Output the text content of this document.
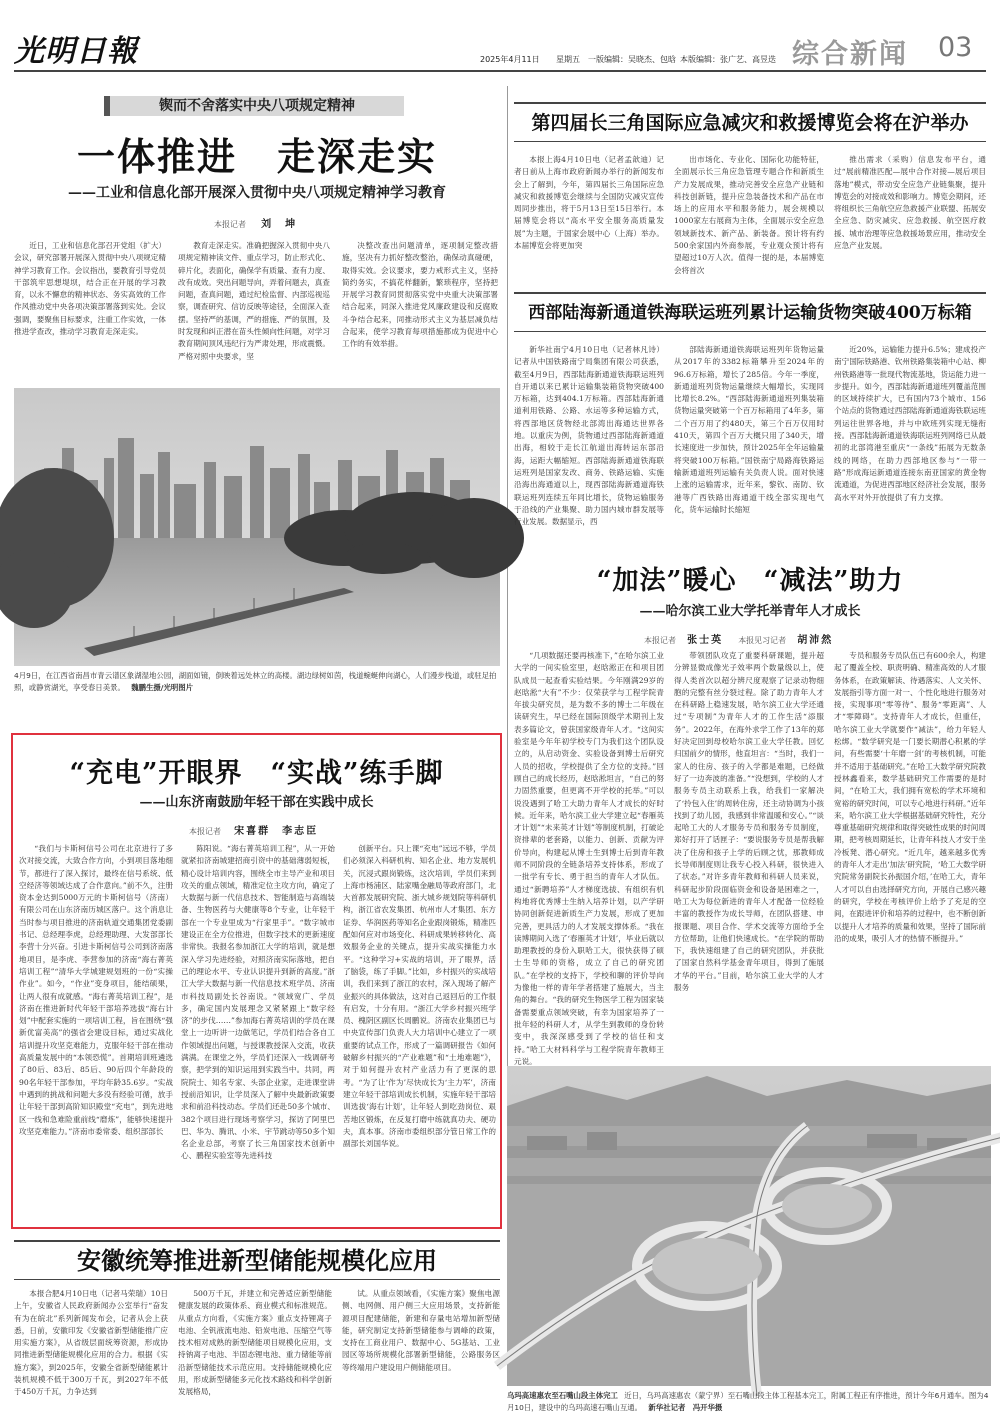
光明日報	2025年4月11日 星期五 一版编辑：吴晓杰、包晗 本版编辑：张广艺、高昱迭 综合新闻 03
锲而不舍落实中央八项规定精神
一体推进　走深走实
——工业和信息化部开展深入贯彻中央八项规定精神学习教育
本报记者 刘　坤

近日，工业和信息化部召开党组（扩大）会议，研究部署开展深入贯彻中央八项规定精神学习教育工作。会议指出，要教育引导党员干部筑牢思想堤坝，结合正在开展的学习教育，以永不懈怠的精神状态、务实高效的工作作风推动党中央各项决策部署落到实处。会议强调，要聚焦目标要求，注重工作实效，一体推进学查改，推动学习教育走深走实。

教育走深走实。准确把握深入贯彻中央八项规定精神读文件、重点学习，防止形式化、碎片化，表面化，确保学有质量、查有力度、改有成效。突出问题导向，弄着问题去，真查问题，查真问题，通过纪检监督、内部巡视巡察，调查研究、信访反映等途径，全面深入查摆。坚持严的基调，严的措施、严的氛围，及时发现和纠正潜在苗头性倾向性问题，对学习教育期间顶风违纪行为严肃处理，形成震慑。严格对照中央要求，坚

决整改查出问题清单，逐项制定整改措施，坚决有力抓好整改整治，确保动真碰硬，取得实效。会议要求，要力戒形式主义，坚持简约务实，不搞花样翻新，繁琐程序，坚持把开展学习教育同贯彻落实党中央重大决策部署结合起来，同深入推进党风廉政建设和反腐败斗争结合起来，同推动形式主义为基层减负结合起来，使学习教育每项措施都成为促进中心工作的有效举措。

4月9日，在江西省南昌市青云谱区象湖湿地公园，湖面如镜，倒映着远处林立的高楼。湖边绿树如茵，栈道蜿蜒伸向湖心，人们漫步栈道，或驻足拍照，或静赏湖光，享受春日美景。 魏鹏生摄/光明图片
“充电”开眼界　“实战”练手脚
——山东济南鼓励年轻干部在实践中成长
本报记者 宋喜群　李志臣

“我们与卡斯柯信号公司在北京进行了多次对接交流，大致合作方向，小到项目落地细节，都进行了深入探讨，最终在信号系统、低空经济等领域达成了合作意向。”前不久，注册资本金达到5000万元的卡斯柯信号（济南）有限公司在山东济南历城区落户。这个消息让当时参与项目推进的济南轨道交通集团党委副书记、总经理李虎，总经理助理、大发部部长李营十分兴奋。引进卡斯柯信号公司到济南落地项目，是李虎、李营参加的济南“海右菁英培训工程”“清华大学城建规划班的一份“实操作业”。如今，“作业”变身项目，能结硕果，让两人很有成就感。“海右菁英培训工程”，是济南在推进新时代年轻干部培养选拔“海右计划”中配套实施的一项培训工程，旨在围绕“强新优富美高”的强省会建设目标，通过实战化培训提升攻坚克难能力，克服年轻干部在推动高质量发展中的“本领恐慌”。首期培训班遴选了80后、83后、85后、90后四个年龄段的90名年轻干部参加，平均年龄35.6岁。“实战中遇到的挑战和问题大多没有经验可循，放手让年轻干部到高阶知识殿堂“充电”，到先进地区一线和急难险重前线“磨炼”，能够快速提升攻坚克难能力。”济南市委常委、组织部部长

陈阳说。“海右菁英培训工程”，从一开始就紧扣济南城建招商引资中的基础薄弱短板，精心设计培训内容，围绕全市主导产业和项目攻关的重点领域，精准定位主攻方向，确定了大数据与新一代信息技术、智能制造与高端装备、生物医药与大健康等8个专业，让年轻干部在一个专业里成为“行家里手”。“数字城市建设正在全方位推进，但数字技术的更新速度非常快。我报名参加浙江大学的培训，就是想深入学习先进经验，对照济南实际落地，把自己的理论水平、专业认识提升到新的高度。”浙江大学大数据与新一代信息技术班学员、济南市科技局副处长谷南说。“领域宽广、学员多，确定国内发展理念又紧紧跟上“数字经济”的步伐……”参加海右菁英培训的学员在课堂上一边听讲一边做笔记，学员们结合各自工作领域提出问题，与授课教授深入交流，收获满满。在课堂之外，学员们还深入一线调研考察，把学到的知识运用到实践当中。共同，两院院士、知名专家、头部企业家，走进课堂讲授前沿知识，让学员深入了解中央最新政策要求和前沿科技动态。学员们还赴50多个城市、382个项目进行现场考察学习，探访了阿里巴巴、华为、腾讯、小米、宇节跳动等50多个知名企业总部，考察了长三角国家技术创新中心、鹏程实验室等先进科技

创新平台。只上课“充电”远远不够，学员们必须深入科研机构、知名企业、地方发展机关，沉浸式跟岗锻炼，这次培训，学员们来到上海市杨浦区、陆家嘴金融局等政府部门，北大首都发展研究院、浙大城乡规划院等科研机构，浙江省农发集团、杭州市人才集团、东方证券、华润医药等知名企业跟岗锻炼，精准匹配如何应对市场变化、科研成果转移转化、高效服务企业的关键点，提升实战实操能力水平。“这种学习+实战的培训，开了眼界，活了脑袋，练了手脚。”比如，乡村振兴的实战培训，我们来到了浙江的农村，深入现场了解产业振兴的具体做法，这对自己返回后的工作很有启发，十分有用。“浙江大学乡村振兴班学员、槐阴区副区长周鹏说。济南农业集团已与中央宣传部门负责人大力培训中心建立了一项重要的试点工作，形成了一篇调研报告《如何破解乡村振兴的“产业难题”和“土地难题”》，对于如何提升农村产业活力有了更深的思考。“为了让‘作为’尽快成长为‘主力军’，济南建立年轻干部培训成长机制，实施年轻干部培训选拔‘海右计划’，让年轻人到吃劲岗位、艰苦地区锻炼，在反复打磨中练就真功夫、硬功夫，真本事。济南市委组织部分管日常工作的副部长刘国华说。

安徽统筹推进新型储能规模化应用

本报合肥4月10日电（记者马荣瑞）10日上午，安徽省人民政府新闻办公室举行“奋发有为在皖北”系列新闻发布会，记者从会上获悉，日前，安徽印发《安徽省新型储能推广应用实施方案》，从省级层面统筹资源，形成协同推进新型储能规模化应用的合力。根据《实施方案》，到2025年，安徽全省新型储能累计装机规模不低于300万千瓦，到2027年不低于450万千瓦，力争达到

500万千瓦，并建立和完善适应新型储能健康发展的政策体系、商业模式和标准规范。从重点方向看，《实施方案》重点支持锂离子电池、全钒液流电池、铅炭电池、压缩空气等技术相对成熟的新型储能项目规模化应用，支持钠离子电池、半固态锂电池、重力储能等前沿新型储能技术示范应用。支持储能规模化应用，形成新型储能多元化技术路线和科学创新发展格局，

试。从重点领域看，《实施方案》聚焦电源侧、电网侧、用户侧三大应用场景，支持新能源项目配建储能，新建和存量电站增加新型储能，研究制定支持新型储能参与调峰的政策，支持在工商业用户、数据中心、5G基站、工业园区等场所规模化部署新型储能，公路服务区等终端用户建设用户侧储能项目。

第四届长三角国际应急减灾和救援博览会将在沪举办

本报上海4月10日电（记者孟歆迪）记者日前从上海市政府新闻办举行的新闻发布会上了解到，今年，第四届长三角国际应急减灾和救援博览会继续与全国防灾减灾宣传周同步推出，将于5月13日至15日举行。本届博览会将以“高水平安全服务高质量发展”为主题，于国家会展中心（上海）举办。本届博览会将更加突

出市场化、专业化、国际化功能特征，全面展示长三角应急管理专题合作和新质生产力发展成果，推动完善安全应急产业链和科技创新链，提升应急装备技术和产品在市场上的应用水平和服务能力，展会规模以1000家左右展商为主体，全面展示安全应急领域新技术、新产品、新装备。预计将有约500余家国内外商参展，专业观众预计将有望超过10万人次。值得一提的是，本届博览会将首次

推出需求（采购）信息发布平台，通过“展前精准匹配—展中合作对接—展后项目落地”模式，带动安全应急产业链集聚，提升博览会的对接成效和影响力。博览会期间，还将组织长三角航空应急救援产业联盟、拓展安全应急、防灾减灾、应急救援、航空医疗救援、城市治理等应急救援场景应用，推动安全应急产业发展。

西部陆海新通道铁海联运班列累计运输货物突破400万标箱

新华社南宁4月10日电（记者林凡诗）记者从中国铁路南宁局集团有限公司获悉，截至4月9日，西部陆海新通道铁海联运班列自开通以来已累计运输集装箱货物突破400万标箱，达到404.1万标箱。西部陆海新通道利用铁路、公路、水运等多种运输方式，将西部地区货物经北部湾出海通达世界各地。以重庆为例，货物通过西部陆海新通道出海，相较于走长江航道出海转运东部沿海，运距大幅缩短。西部陆海新通道铁海联运班列是国家发改、商务、铁路运输、实施沿海出海通道以上，现西部陆海新通道海铁联运班列连续五年同比增长，货物运输服务于沿线的产业集聚、助力国内城市群发展等行业发展。数据显示，西

部陆海新通道铁海联运班列年货物运量从2017年的3382标箱攀升至2024年的96.6万标箱，增长了285倍。今年一季度，新通道班列货物运量继续大幅增长，实现同比增长8.2%。“西部陆海新通道班列集装箱货物运量突破第一个百万标箱用了4年多，第二个百万用了约480天，第三个百万仅用时410天，第四个百万大概只用了340天，增长速度进一步加快，预计2025年全年运输量将突破100万标箱。”国铁南宁局路海铁路运输新通道班列运输有关负责人说。面对快速上涨的运输需求，近年来，黎钦、南防、钦港等广西铁路出海通道干线全部实现电气化，货车运输时长缩短

近20%，运输能力提升6.5%；建成投产南宁国际铁路港、钦州铁路集装箱中心站、柳州铁路港等一批现代物流基地，货运能力进一步提升。如今，西部陆海新通道班列覆盖范围的区域持续扩大，已有国内73个城市、156个站点的货物通过西部陆海新通道海铁联运班列运往世界各地，并与中欧班列实现无缝衔接。西部陆海新通道铁海联运班列网络已从最初的北部湾港至重庆“一条线”拓展为无数条线的网络，在助力西部地区参与“一带一路”形成海运新通道连接东南亚国家的黄金物流通道，为促进西部地区经济社会发展，服务高水平对外开放提供了有力支撑。

“加法”暖心　“减法”助力
——哈尔滨工业大学托举青年人才成长
本报记者 张士英 本报见习记者 胡沛然

“几项数据还要再核准下，”在哈尔滨工业大学的一间实验室里，赵晗淞正在和项目团队成员一起查看实验结果。今年刚满29岁的赵晗淞“大有”不少：仅荣获学与工程学院青年拔尖研究员，是为数不多的博士二年级在读研究生，早已经在国际顶级学术期刊上发表多篇论文，曾获国家级青年人才。“这间实验室是今年年初学校专门为我们这个团队设立的，从启动资金、实验设备到博士后研究人员的招收，学校提供了全方位的支持。”回顾自己的成长经历，赵晗淞坦言，“自己的努力固然重要，但更离不开学校的托举。”可以说没遇到了哈工大助力青年人才成长的好时候。近年来，哈尔滨工业大学建立起“春雁英才计划”“未来英才计划”等制度机制，打破论资排辈的老套路，以能力、创新、贡献为评价导向，构建起从博士生到博士后到青年教师不同阶段的全链条培养支持体系，形成了一批学有专长、勇于担当的青年人才队伍。通过“新聘培养”人才梯度选拔、有组织有机构地将优秀博士生纳入培养计划，以产学研协同创新促进新质生产力发展，形成了更加完善，更具活力的人才发展支撑体系。“我在读博期间入选了‘春雁英才计划’，毕业后就以助理教授的身份入职哈工大，很快获得了硕士生导师的资格，成立了自己的研究团队。”在学校的支持下，学校和聊的评价导向为像他一样的青年学者搭建了施展大，当主角的舞台。“我的研究生物医学工程为国家装备需要重点领域突破，有幸为国家培养了一批年轻的科研人才，从学生到教师的身份转变中，我深深感受到了学校的信任和支持。”哈工大材料科学与工程学院青年教师王元说。

带领团队攻克了重要科研课题，提升超分辨显微成像光子效率两个数量级以上，使得人类首次以超分辨尺度观察了记录动物细胞的完整有丝分裂过程。除了助力青年人才在科研路上稳速发展，哈尔滨工业大学还通过“专项制”为青年人才的工作生活“添服务”。2022年，在海外求学工作了13年的郑好决定回到母校哈尔滨工业大学任教。回忆归国前夕的情形，他直坦言：“当时，我们一家人的住房、孩子的入学都是难题，已经做好了一边奔波的准备。”“没想到，学校的人才服务专员主动联系上我，给我们一家解决了‘拎包入住’的周转住房，还主动协调为小孩找到了幼儿园，我感到非常温暖和安心。”“谈起哈工大的人才服务专员和服务专员制度，郑好打开了话匣子：“要说服务专员是帮我解决了住房和孩子上学的后顾之忧，那教师成长导师制度则让我专心投入科研，很快进入了状态。”对许多青年教师和科研人员来说，科研起步阶段面临资金和设备是困难之一，哈工大为每位新进的青年人才配备一位经验丰富的教授作为成长导师，在团队搭建、申报课题、项目合作、学术交流等方面给予全方位帮助，让他们快速成长。“在学院的帮助下，我快速组建了自己的研究团队，并获批了国家自然科学基金青年项目，得到了施展才华的平台。”目前，哈尔滨工业大学的人才服务

专员和服务专员队伍已有600余人，构建起了覆盖全校、职责明确、精准高效的人才服务体系，在政策解读、待遇落实、人文关怀、发展指引等方面一对一、个性化地进行服务对接，实现事项“零等待”、服务“零距离”、人才“零障碍”。支持青年人才成长，但重任，哈尔滨工业大学就要作“减法”，给力年轻人松绑。“数学研究是一门要长期潜心积累的学问，有些需要‘十年磨一剑’的考核机制，可能并不适用于基础研究。”在哈工大数学研究院教授林鑫看来，数学基础研究工作需要的是时间，“在哈工大，我们拥有宽松的学术环境和宽裕的研究时间，可以专心地进行科研。”近年来，哈尔滨工业大学根据基础研究特性，充分尊重基础研究规律和取得突破性成果的时间周期，把考核周期延长，让青年科技人才安于坐冷板凳、潜心研究。“近几年，越来越多优秀的青年人才走出‘加法’研究院，‘哈工大数学研究院常务副院长孙振国介绍，’在哈工大，青年人才可以自由选择研究方向，开展自己感兴趣的研究，学校在考核评价上给予了充足的空间，在跟进评价和培养的过程中，也不断创新以提升人才培养的质量和效果，坚持了国际前沿的成果，吸引人才的热情不断提升。”

乌玛高速惠农至石嘴山段主体完工 近日，乌玛高速惠农（蒙宁界）至石嘴山段主体工程基本完工，附属工程正有序推进，预计今年6月通车。图为4月10日，建设中的乌玛高速石嘴山互通。 新华社记者　冯开华摄
